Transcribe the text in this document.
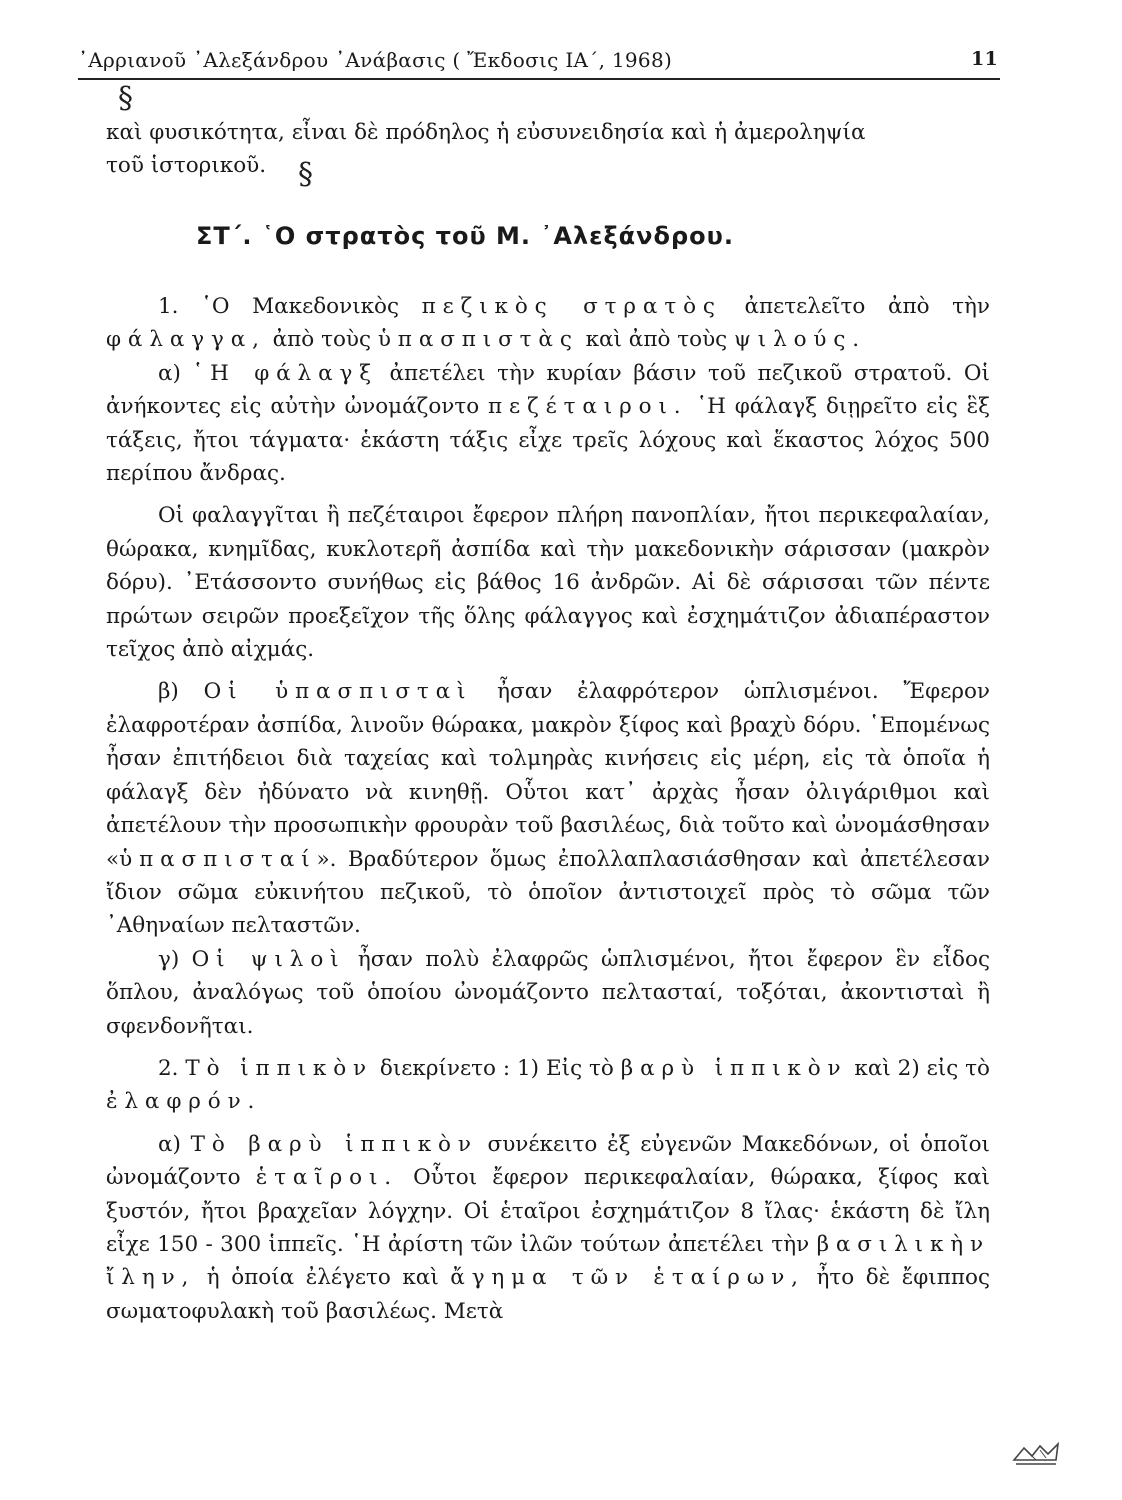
᾿Αρριανοῦ ᾿Αλεξάνδρου ᾿Ανάβασις ( Ἔκδοσις ΙΑ΄, 1968)	11
§
§

καὶ φυσικότητα, εἶναι δὲ πρόδηλος ἡ εὐσυνειδησία καὶ ἡ ἀμεροληψία

τοῦ ἱστορικοῦ.

ΣΤ΄. ῾Ο στρατὸς τοῦ Μ. ᾿Αλεξάνδρου.

1. ῾Ο Μακεδονικὸς πεζικὸς στρατὸς ἀπετελεῖτο ἀπὸ τὴν φάλαγγα, ἀπὸ τοὺς ὑπασπιστὰς καὶ ἀπὸ τοὺς ψιλούς.

α) ῾Η φάλαγξ ἀπετέλει τὴν κυρίαν βάσιν τοῦ πεζικοῦ στρατοῦ. Οἱ ἀνήκοντες εἰς αὐτὴν ὠνομάζοντο πεζέταιροι. ῾Η φάλαγξ διῃρεῖτο εἰς ἓξ τάξεις, ἤτοι τάγματα· ἑκάστη τάξις εἶχε τρεῖς λόχους καὶ ἕκαστος λόχος 500 περίπου ἄνδρας.

Οἱ φαλαγγῖται ἢ πεζέταιροι ἔφερον πλήρη πανοπλίαν, ἤτοι περικεφαλαίαν, θώρακα, κνημῖδας, κυκλοτερῆ ἀσπίδα καὶ τὴν μακεδονικὴν σάρισσαν (μακρὸν δόρυ). ᾿Ετάσσοντο συνήθως εἰς βάθος 16 ἀνδρῶν. Αἱ δὲ σάρισσαι τῶν πέντε πρώτων σειρῶν προεξεῖχον τῆς ὅλης φάλαγγος καὶ ἐσχημάτιζον ἀδιαπέραστον τεῖχος ἀπὸ αἰχμάς.

β) Οἱ ὑπασπισταὶ ἦσαν ἐλαφρότερον ὡπλισμένοι. Ἔφερον ἐλαφροτέραν ἀσπίδα, λινοῦν θώρακα, μακρὸν ξίφος καὶ βραχὺ δόρυ. ῾Επομένως ἦσαν ἐπιτήδειοι διὰ ταχείας καὶ τολμηρὰς κινήσεις εἰς μέρη, εἰς τὰ ὁποῖα ἡ φάλαγξ δὲν ἠδύνατο νὰ κινηθῇ. Οὗτοι κατ᾿ ἀρχὰς ἦσαν ὀλιγάριθμοι καὶ ἀπετέλουν τὴν προσωπικὴν φρουρὰν τοῦ βασιλέως, διὰ τοῦτο καὶ ὠνομάσθησαν «ὑπασπισταί». Βραδύτερον ὅμως ἐπολλαπλασιάσθησαν καὶ ἀπετέλεσαν ἴδιον σῶμα εὐκινήτου πεζικοῦ, τὸ ὁποῖον ἀντιστοιχεῖ πρὸς τὸ σῶμα τῶν ᾿Αθηναίων πελταστῶν.

γ) Οἱ ψιλοὶ ἦσαν πολὺ ἐλαφρῶς ὡπλισμένοι, ἤτοι ἔφερον ἓν εἶδος ὅπλου, ἀναλόγως τοῦ ὁποίου ὠνομάζοντο πελτασταί, τοξόται, ἀκοντισταὶ ἢ σφενδονῆται.

2. Τὸ ἱππικὸν διεκρίνετο : 1) Εἰς τὸ βαρὺ ἱππικὸν καὶ 2) εἰς τὸ ἐλαφρόν.

α) Τὸ βαρὺ ἱππικὸν συνέκειτο ἐξ εὐγενῶν Μακεδόνων, οἱ ὁποῖοι ὠνομάζοντο ἑταῖροι. Οὗτοι ἔφερον περικεφαλαίαν, θώρακα, ξίφος καὶ ξυστόν, ἤτοι βραχεῖαν λόγχην. Οἱ ἑταῖροι ἐσχημάτιζον 8 ἴλας· ἑκάστη δὲ ἴλη εἶχε 150 - 300 ἱππεῖς. ῾Η ἀρίστη τῶν ἰλῶν τούτων ἀπετέλει τὴν βασιλικὴν ἴλην, ἡ ὁποία ἐλέγετο καὶ ἄγημα τῶν ἑταίρων, ἦτο δὲ ἔφιππος σωματοφυλακὴ τοῦ βασιλέως. Μετὰ
